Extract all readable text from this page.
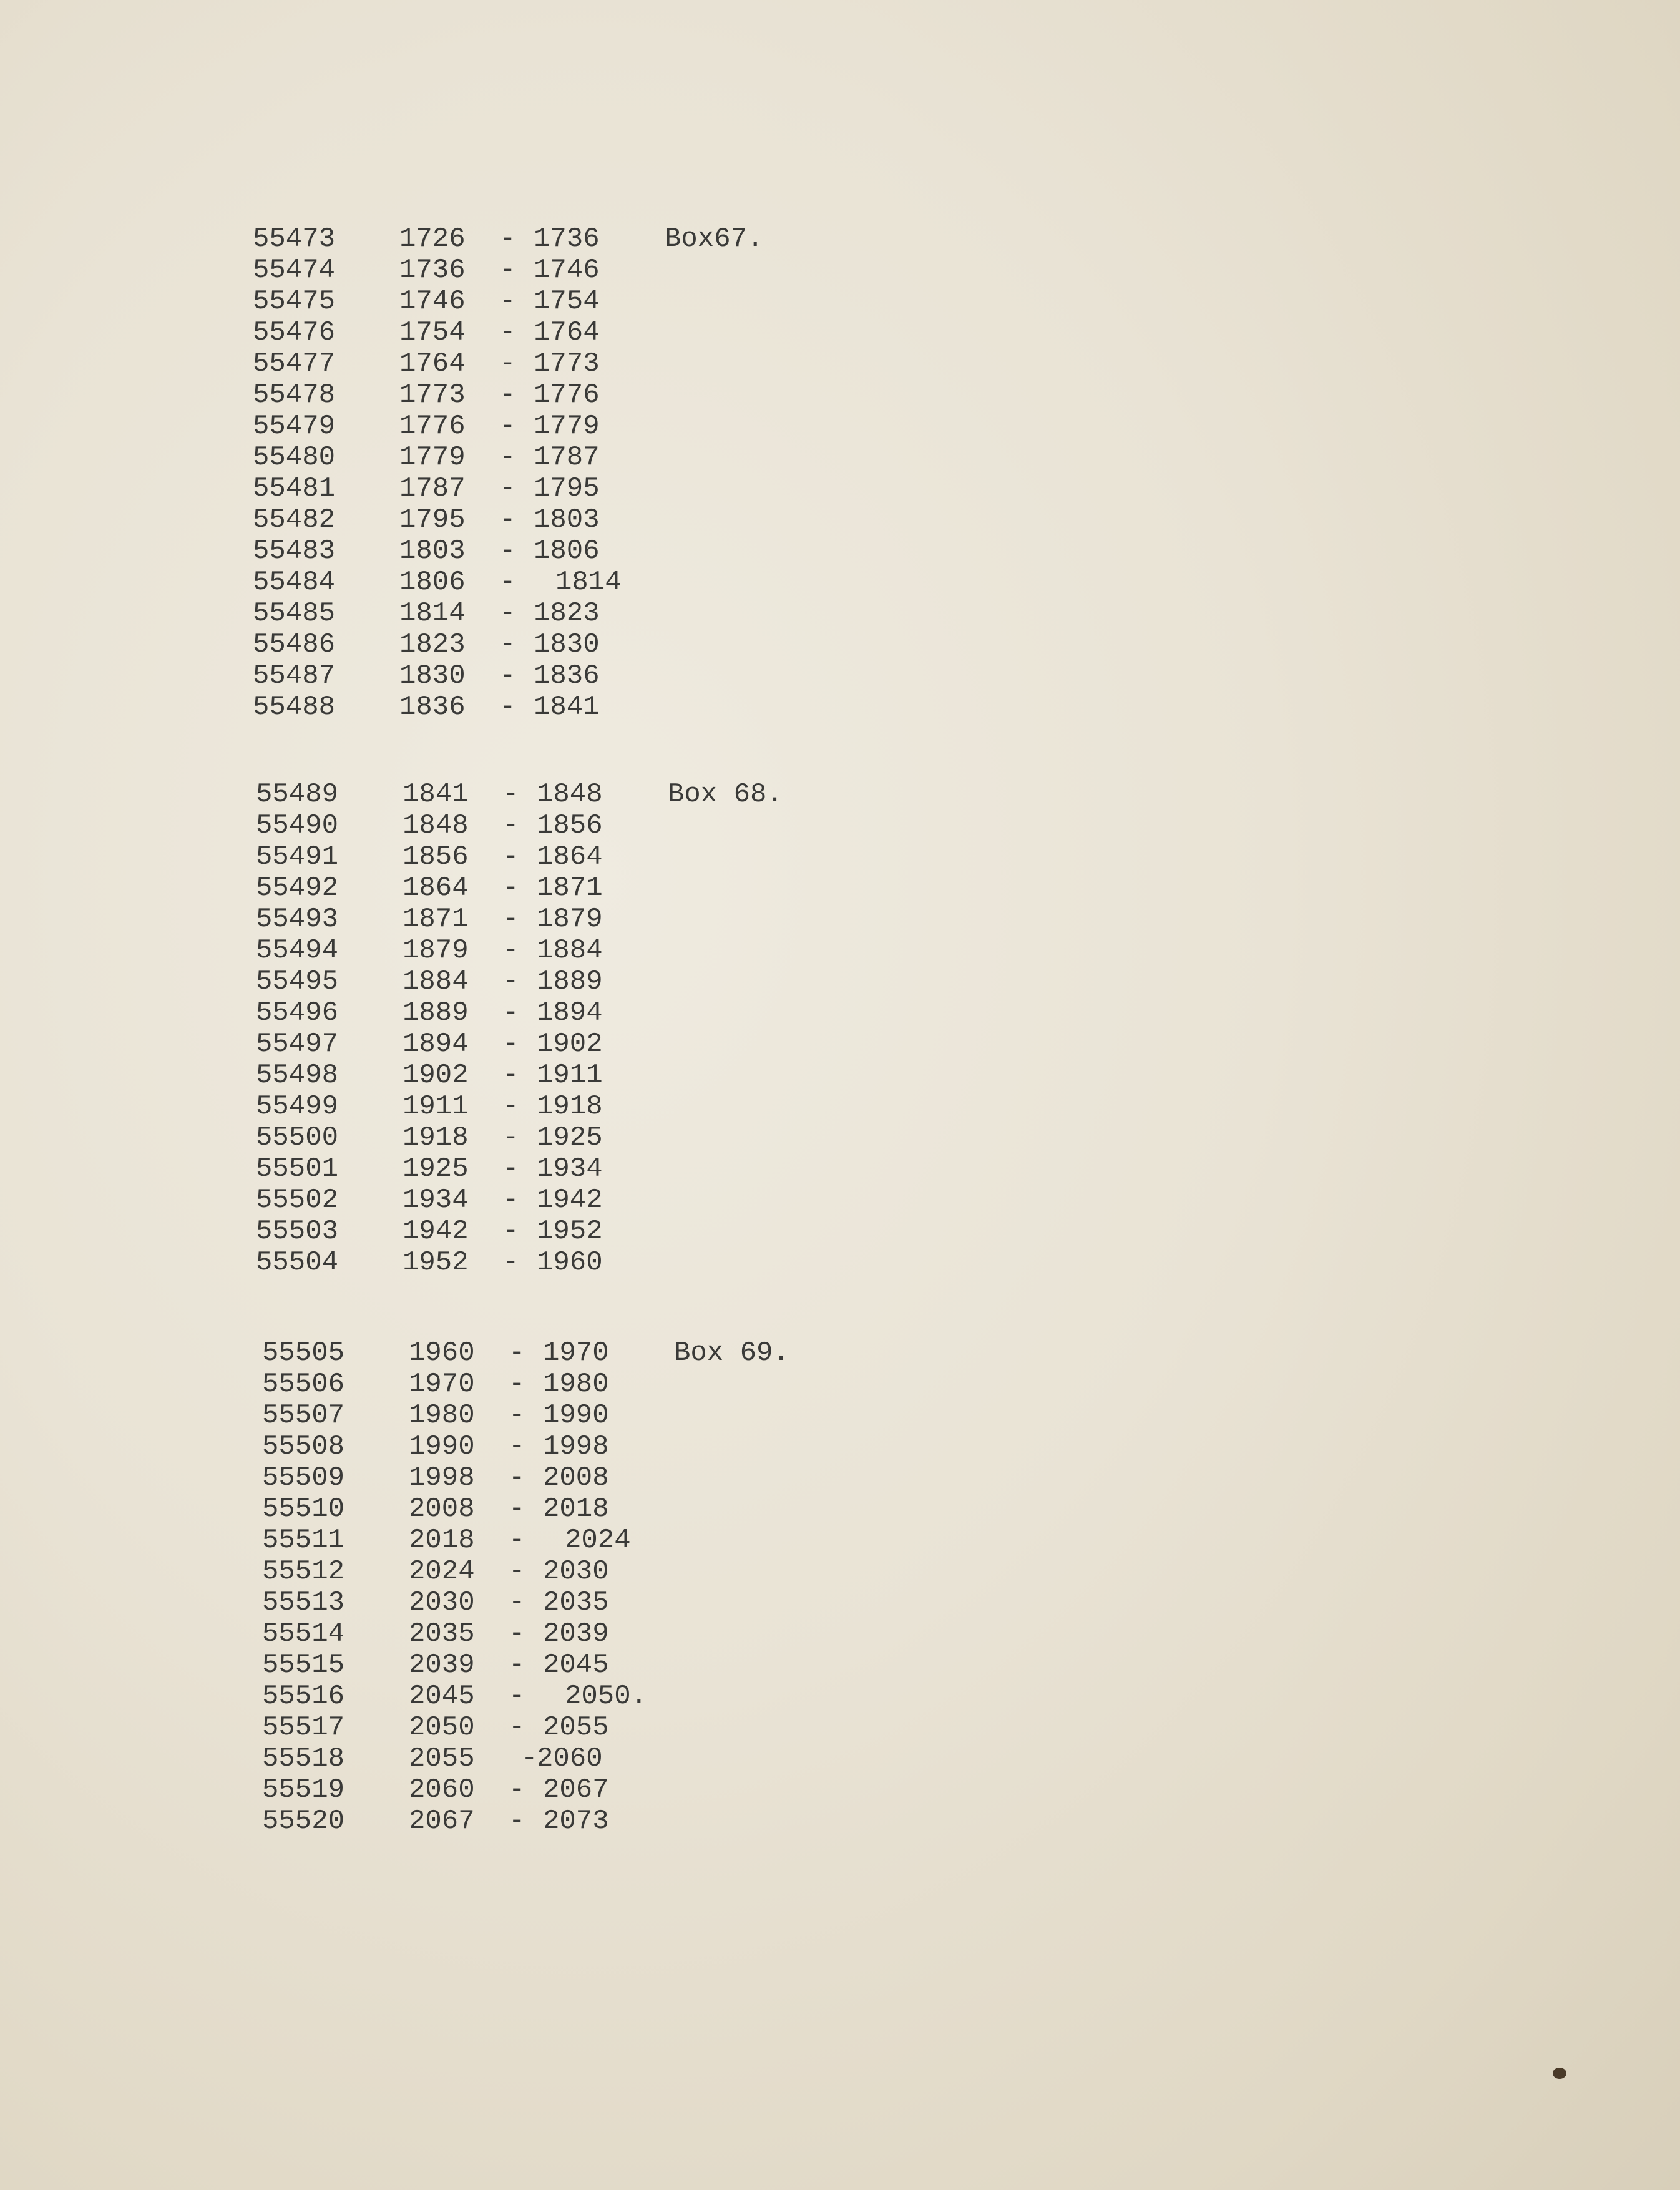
Box67.
55473 1726 - 1736
55474 1736 - 1746
55475 1746 - 1754
55476 1754 - 1764
55477 1764 - 1773
55478 1773 - 1776
55479 1776 - 1779
55480 1779 - 1787
55481 1787 - 1795
55482 1795 - 1803
55483 1803 - 1806
55484 1806 - 1814
55485 1814 - 1823
55486 1823 - 1830
55487 1830 - 1836
55488 1836 - 1841
Box 68.
55489 1841 - 1848
55490 1848 - 1856
55491 1856 - 1864
55492 1864 - 1871
55493 1871 - 1879
55494 1879 - 1884
55495 1884 - 1889
55496 1889 - 1894
55497 1894 - 1902
55498 1902 - 1911
55499 1911 - 1918
55500 1918 - 1925
55501 1925 - 1934
55502 1934 - 1942
55503 1942 - 1952
55504 1952 - 1960
Box 69.
55505 1960 - 1970
55506 1970 - 1980
55507 1980 - 1990
55508 1990 - 1998
55509 1998 - 2008
55510 2008 - 2018
55511 2018 - 2024
55512 2024 - 2030
55513 2030 - 2035
55514 2035 - 2039
55515 2039 - 2045
55516 2045 - 2050.
55517 2050 - 2055
55518 2055 -
2060
55519 2060 - 2067
55520 2067 - 2073
